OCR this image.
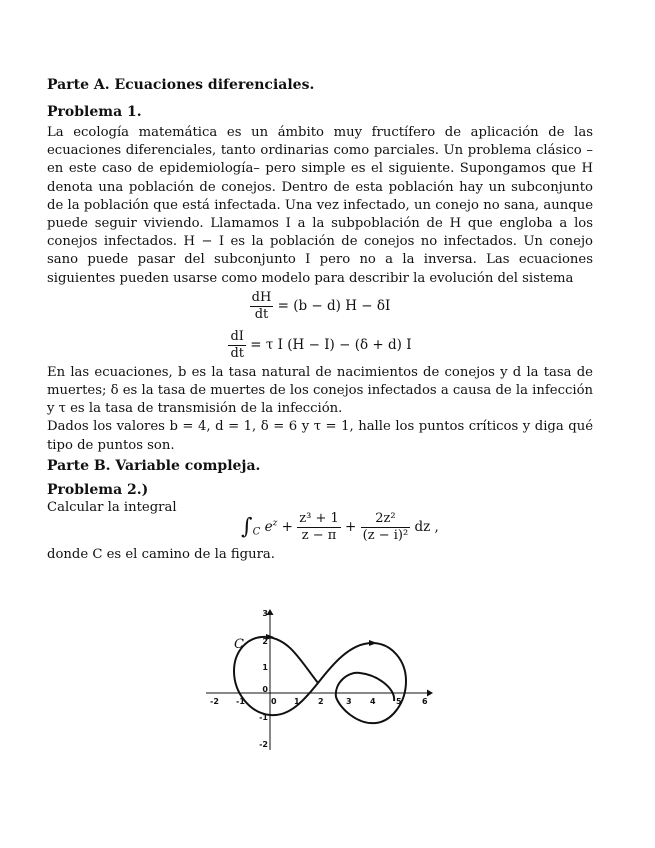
Parte A. Ecuaciones diferenciales.

Problema 1.

La ecología matemática es un ámbito muy fructífero de aplicación de las ecuaciones diferenciales, tanto ordinarias como parciales. Un problema clásico –en este caso de epidemiología– pero simple es el siguiente. Supongamos que H denota una población de conejos. Dentro de esta población hay un subconjunto de la población que está infectada. Una vez infectado, un conejo no sana, aunque puede seguir viviendo. Llamamos I a la subpoblación de H que engloba a los conejos infectados. H − I es la población de conejos no infectados. Un conejo sano puede pasar del subconjunto I pero no a la inversa. Las ecuaciones siguientes pueden usarse como modelo para describir la evolución del sistema

$\frac{dH}{dt} = (b - d) H - \delta I$
$\frac{dI}{dt} = \tau$ I (H − I) − (δ + d) I

En las ecuaciones, b es la tasa natural de nacimientos de conejos y d la tasa de muertes; δ es la tasa de muertes de los conejos infectados a causa de la infección y τ es la tasa de transmisión de la infección.

Dados los valores b = 4, d = 1, δ = 6 y τ = 1, halle los puntos críticos y diga qué tipo de puntos son.

Parte B. Variable compleja.

Problema 2.)

Calcular la integral

$\int_C$ $e^z + \frac{\text{z³ + 1}}{z - \pi} + \frac{\text{2z²}}{\text{(z − i)²}}$ dz ,

donde C es el camino de la figura.

C
-2 -1	0 1 2	3 4	5	6
3
2
1
0
-1
-2
